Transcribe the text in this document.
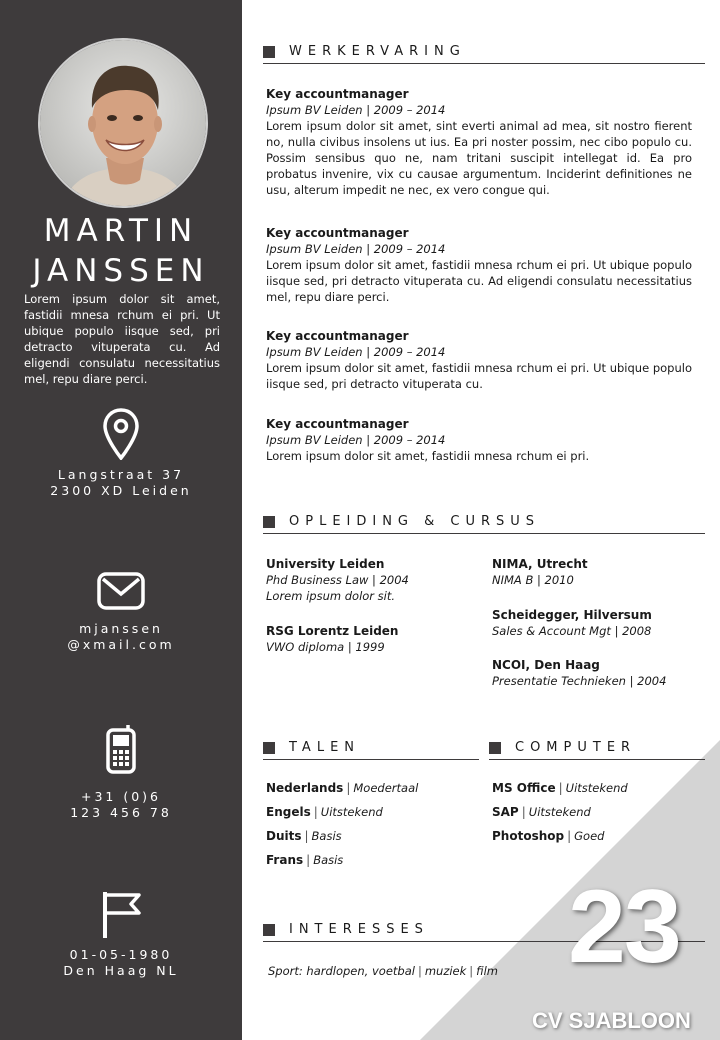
MARTIN
JANSSEN
Lorem ipsum dolor sit amet, fastidii mnesa rchum ei pri. Ut ubique populo iisque sed, pri detracto vituperata cu. Ad eligendi consulatu necessitatius mel, repu diare perci.
Langstraat 37
2300 XD Leiden
mjanssen
@xmail.com
+31 (0)6
123 456 78
01-05-1980
Den Haag NL
WERKERVARING
Key accountmanager
Ipsum BV Leiden | 2009 – 2014
Lorem ipsum dolor sit amet, sint everti animal ad mea, sit nostro fierent no, nulla civibus insolens ut ius. Ea pri noster possim, nec cibo populo cu. Possim sensibus quo ne, nam tritani suscipit intellegat id. Ea pro probatus invenire, vix cu causae argumentum. Inciderint definitiones ne usu, alterum impedit ne nec, ex vero congue qui.
Key accountmanager
Ipsum BV Leiden | 2009 – 2014
Lorem ipsum dolor sit amet, fastidii mnesa rchum ei pri. Ut ubique populo iisque sed, pri detracto vituperata cu. Ad eligendi consulatu necessitatius mel, repu diare perci.
Key accountmanager
Ipsum BV Leiden | 2009 – 2014
Lorem ipsum dolor sit amet, fastidii mnesa rchum ei pri. Ut ubique populo iisque sed, pri detracto vituperata cu.
Key accountmanager
Ipsum BV Leiden | 2009 – 2014
Lorem ipsum dolor sit amet, fastidii mnesa rchum ei pri.
OPLEIDING & CURSUS
University Leiden
Phd Business Law | 2004
Lorem ipsum dolor sit.
RSG Lorentz Leiden
VWO diploma | 1999
NIMA, Utrecht
NIMA B | 2010
Scheidegger, Hilversum
Sales & Account Mgt | 2008
NCOI, Den Haag
Presentatie Technieken | 2004
TALEN	COMPUTER
Nederlands | Moedertaal
Engels | Uitstekend
Duits | Basis
Frans | Basis
MS Office | Uitstekend
SAP | Uitstekend
Photoshop | Goed
INTERESSES
Sport: hardlopen, voetbal | muziek | film 23
CV SJABLOON
